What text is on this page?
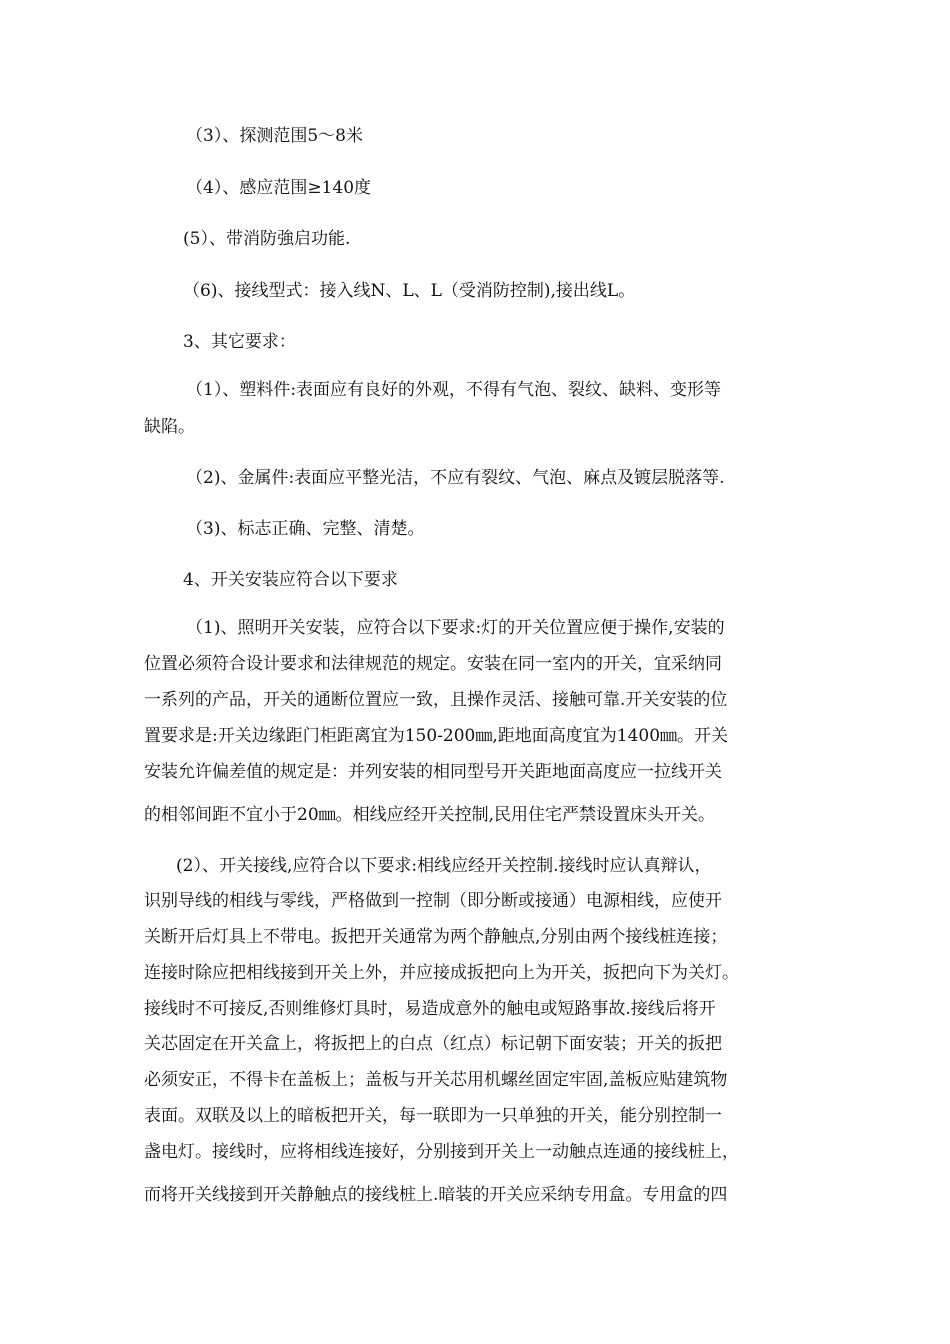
（3）、探测范围5～8米
（4）、感应范围≥140度
(5）、带消防強启功能.
（6)、接线型式：接入线N、L、L（受消防控制),接出线L。
3、其它要求：
（1）、塑料件:表面应有良好的外观，不得有气泡、裂纹、缺料、变形等
缺陷。
（2)、金属件:表面应平整光洁，不应有裂纹、气泡、麻点及镀层脱落等.
（3)、标志正确、完整、清楚。
4、开关安装应符合以下要求
（1)、照明开关安装，应符合以下要求:灯的开关位置应便于操作,安装的
位置必须符合设计要求和法律规范的规定。安装在同一室内的开关，宜采纳同
一系列的产品，开关的通断位置应一致，且操作灵活、接触可靠.开关安装的位
置要求是:开关边缘距门柜距离宜为150-200㎜,距地面高度宜为1400㎜。开关
安装允许偏差值的规定是：并列安装的相同型号开关距地面高度应一拉线开关
的相邻间距不宜小于20㎜。相线应经开关控制,民用住宅严禁设置床头开关。
(2）、开关接线,应符合以下要求:相线应经开关控制.接线时应认真辩认，
识别导线的相线与零线，严格做到一控制（即分断或接通）电源相线，应使开
关断开后灯具上不带电。扳把开关通常为两个静触点,分别由两个接线桩连接；
连接时除应把相线接到开关上外，并应接成扳把向上为开关，扳把向下为关灯。
接线时不可接反,否则维修灯具时，易造成意外的触电或短路事故.接线后将开
关芯固定在开关盒上，将扳把上的白点（红点）标记朝下面安装；开关的扳把
必须安正，不得卡在盖板上；盖板与开关芯用机螺丝固定牢固,盖板应贴建筑物
表面。双联及以上的暗板把开关，每一联即为一只单独的开关，能分别控制一
盏电灯。接线时，应将相线连接好，分别接到开关上一动触点连通的接线桩上，
而将开关线接到开关静触点的接线桩上.暗装的开关应采纳专用盒。专用盒的四
